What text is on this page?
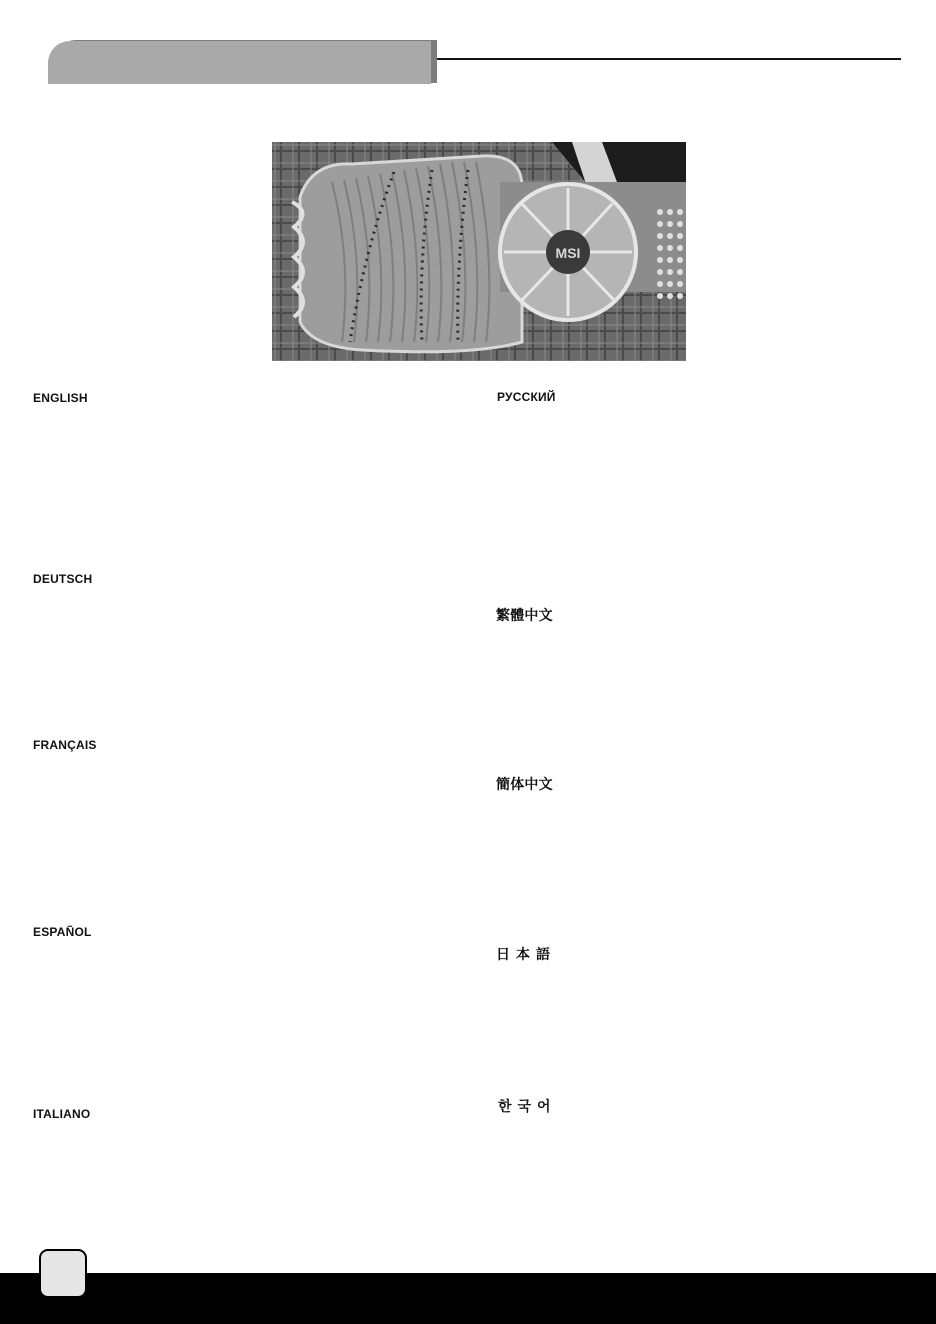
MSI
ENGLISH
DEUTSCH
FRANÇAIS
ESPAÑOL
ITALIANO
РУССКИЙ
繁體中文
簡体中文
日本語
한국어
